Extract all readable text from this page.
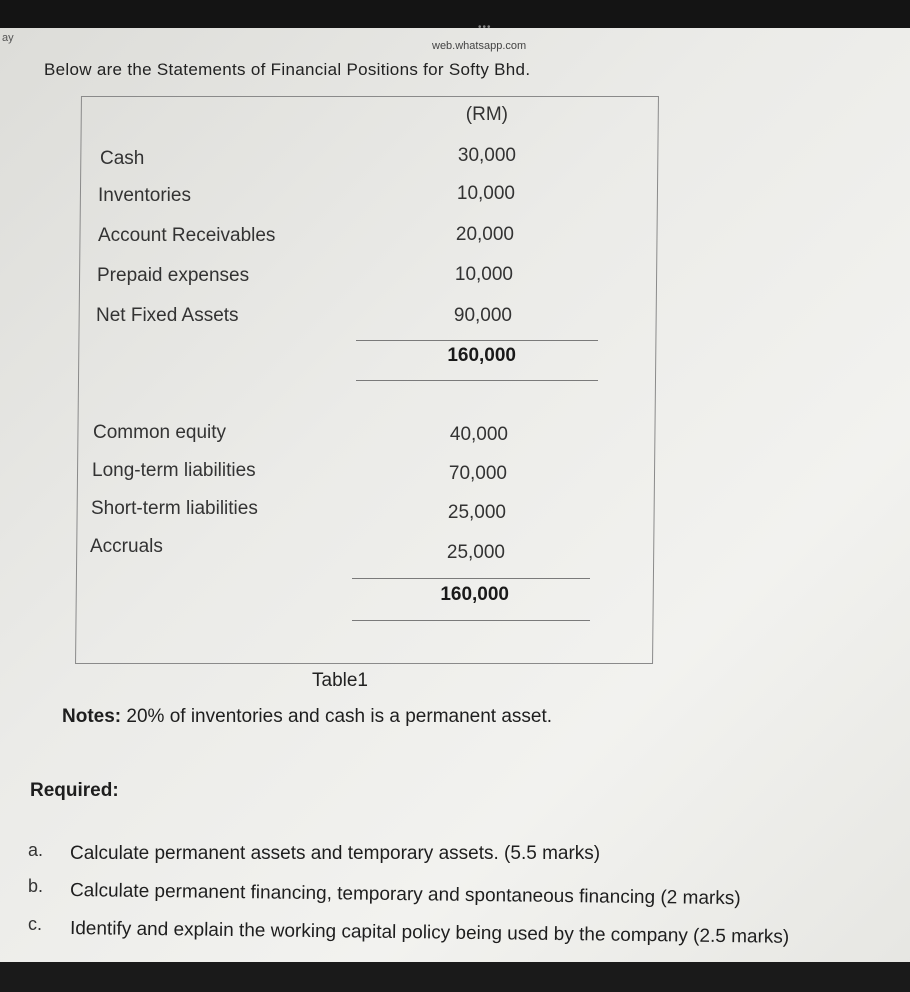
ay
•••
web.whatsapp.com
Below are the Statements of Financial Positions for Softy Bhd.
(RM)
Cash	30,000
Inventories	10,000
Account Receivables	20,000
Prepaid expenses	10,000
Net Fixed Assets	90,000
160,000
Common equity	40,000
Long-term liabilities	70,000
Short-term liabilities	25,000
Accruals	25,000
160,000
Table1
Notes: 20% of inventories and cash is a permanent asset.
Required:
a. Calculate permanent assets and temporary assets. (5.5 marks)
b. Calculate permanent financing, temporary and spontaneous financing (2 marks)
c. Identify and explain the working capital policy being used by the company (2.5 marks)
